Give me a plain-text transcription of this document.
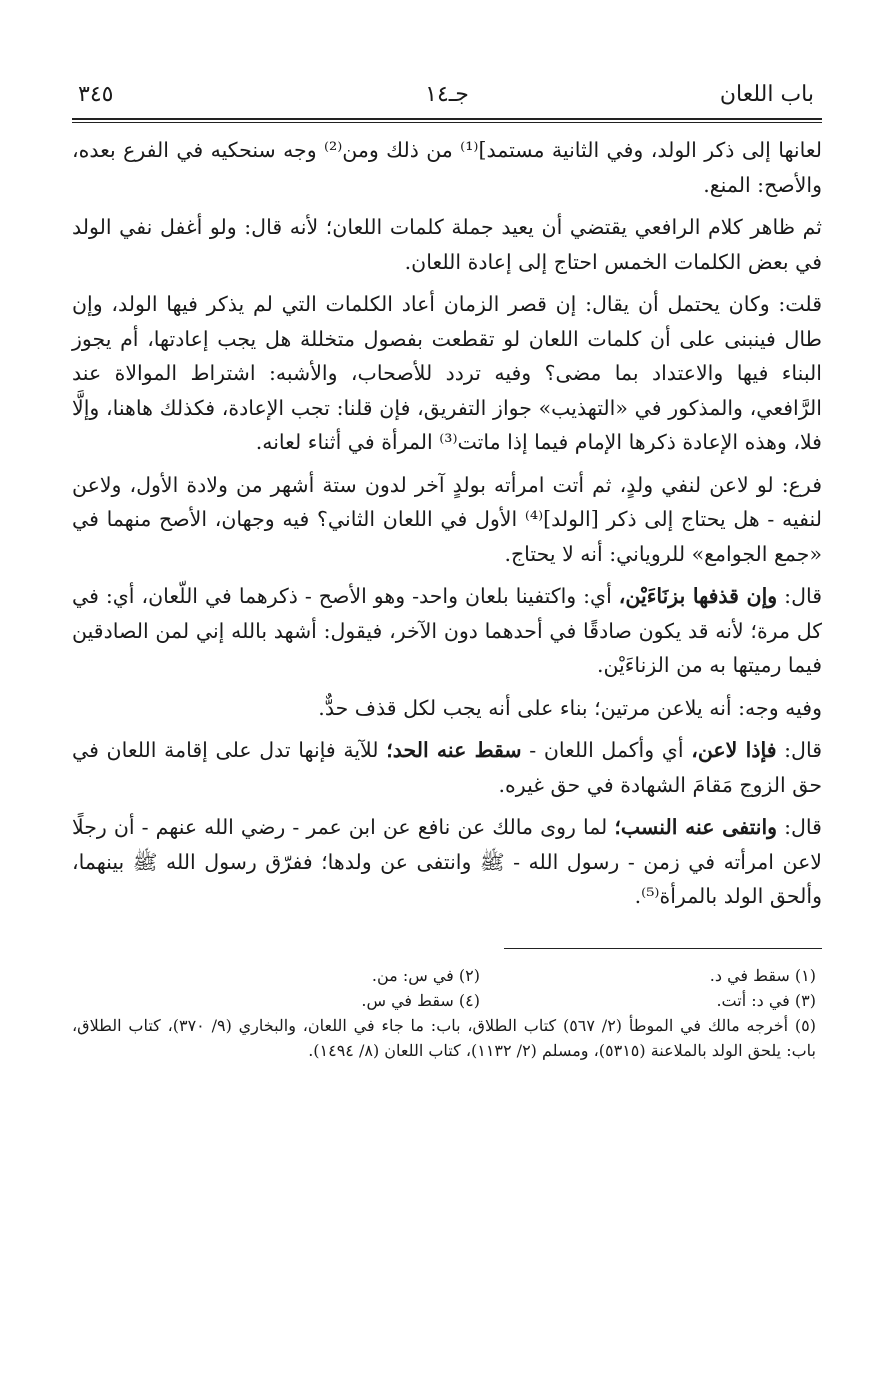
باب اللعان
جـ١٤
٣٤٥

لعانها إلى ذكر الولد، وفي الثانية مستمد]⁽¹⁾ من ذلك ومن⁽²⁾ وجه سنحكيه في الفرع بعده، والأصح: المنع.

ثم ظاهر كلام الرافعي يقتضي أن يعيد جملة كلمات اللعان؛ لأنه قال: ولو أغفل نفي الولد في بعض الكلمات الخمس احتاج إلى إعادة اللعان.

قلت: وكان يحتمل أن يقال: إن قصر الزمان أعاد الكلمات التي لم يذكر فيها الولد، وإن طال فينبنى على أن كلمات اللعان لو تقطعت بفصول متخللة هل يجب إعادتها، أم يجوز البناء فيها والاعتداد بما مضى؟ وفيه تردد للأصحاب، والأشبه: اشتراط الموالاة عند الرَّافعي، والمذكور في «التهذيب» جواز التفريق، فإن قلنا: تجب الإعادة، فكذلك هاهنا، وإلَّا فلا، وهذه الإعادة ذكرها الإمام فيما إذا ماتت⁽³⁾ المرأة في أثناء لعانه.

فرع: لو لاعن لنفي ولدٍ، ثم أتت امرأته بولدٍ آخر لدون ستة أشهر من ولادة الأول، ولاعن لنفيه - هل يحتاج إلى ذكر [الولد]⁽⁴⁾ الأول في اللعان الثاني؟ فيه وجهان، الأصح منهما في «جمع الجوامع» للروياني: أنه لا يحتاج.

قال: وإن قذفها بزنَاءَيْن، أي: واكتفينا بلعان واحد- وهو الأصح - ذكرهما في اللّعان، أي: في كل مرة؛ لأنه قد يكون صادقًا في أحدهما دون الآخر، فيقول: أشهد بالله إني لمن الصادقين فيما رميتها به من الزناءَيْن.

وفيه وجه: أنه يلاعن مرتين؛ بناء على أنه يجب لكل قذف حدٌّ.

قال: فإذا لاعن، أي وأكمل اللعان - سقط عنه الحد؛ للآية فإنها تدل على إقامة اللعان في حق الزوج مَقامَ الشهادة في حق غيره.

قال: وانتفى عنه النسب؛ لما روى مالك عن نافع عن ابن عمر - رضي الله عنهم - أن رجلًا لاعن امرأته في زمن - رسول الله - ﷺ وانتفى عن ولدها؛ ففرّق رسول الله ﷺ بينهما، وألحق الولد بالمرأة⁽⁵⁾.

(١) سقط في د.
(٢) في س: من.
(٣) في د: أتت.
(٤) سقط في س.
(٥) أخرجه مالك في الموطأ (٢/ ٥٦٧) كتاب الطلاق، باب: ما جاء في اللعان، والبخاري (٩/ ٣٧٠)، كتاب الطلاق، باب: يلحق الولد بالملاعنة (٥٣١٥)، ومسلم (٢/ ١١٣٢)، كتاب اللعان (٨/ ١٤٩٤).
